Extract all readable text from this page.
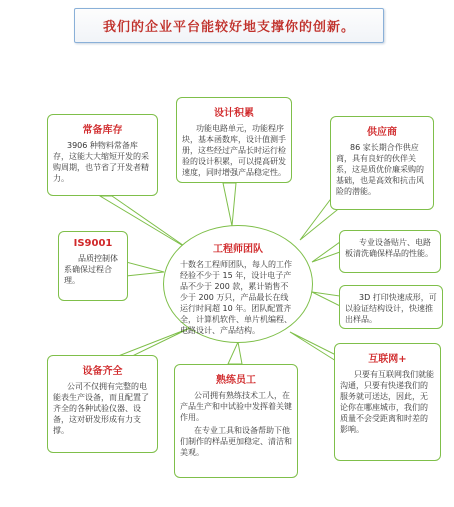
我们的企业平台能较好地支撑你的创新。
常备库存

3906 种物料常备库存，这能大大缩短开发的采购周期，也节省了开发者精力。

设计积累

功能电路单元，功能程序块，基本函数库，设计值测手册，这些经过产品长时运行检验的设计积累，可以提高研发速度，同时增强产品稳定性。

供应商

86 家长期合作供应商，具有良好的伙伴关系，这是质优价廉采购的基础，也是高效和抗击风险的潜能。

IS9001

品质控制体系确保过程合理。

工程师团队
十数名工程师团队，每人的工作经验不少于 15 年，设计电子产品不少于 200 款，累计销售不少于 200 万只，产品最长在线运行时间超 10 年。团队配置齐全，计算机软件、单片机编程、电路设计、产品结构。

专业设备贴片、电路板清洗确保样品的性能。

3D 打印快速成形，可以验证结构设计，快速推出样品。

设备齐全

公司不仅拥有完整的电能表生产设备，而且配置了齐全的各种试验仪器、设备，这对研发形成有力支撑。

熟练员工

公司拥有熟练技术工人，在产品生产和中试验中发挥着关键作用。

在专业工具和设备帮助下他们制作的样品更加稳定、清洁和美观。

互联网+

只要有互联网我们就能沟通，只要有快递我们的服务就可送达，因此，无论你在哪座城市，我们的质量不会受距离和时差的影响。
